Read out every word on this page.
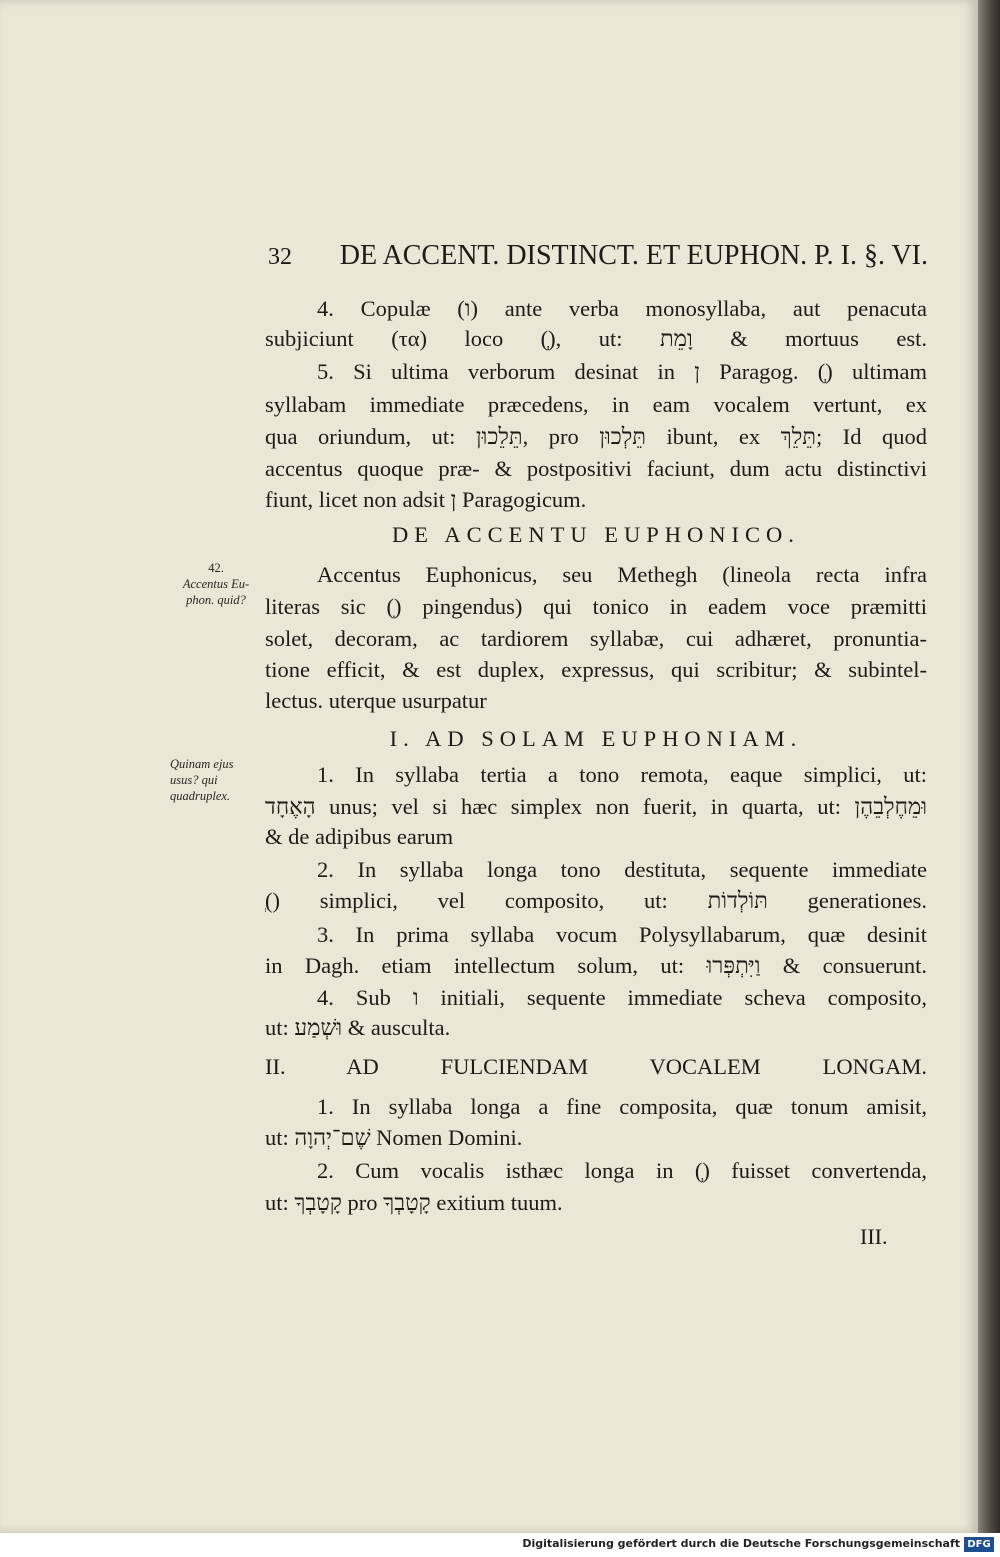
32 DE ACCENT. DISTINCT. ET EUPHON. P. I. §. VI.
4. Copulæ (ו) ante verba monosyllaba, aut penacuta
subjiciunt (τα) loco (ְ), ut: וָמֵת & mortuus est.
5. Si ultima verborum desinat in ן Paragog. (ְ) ultimam
syllabam immediate præcedens, in eam vocalem vertunt, ex
qua oriundum, ut: תֵּלֵכוּן, pro תֵּלְכוּן ibunt, ex תֵּלֵךְ; Id quod
accentus quoque præ- & postpositivi faciunt, dum actu distinctivi
fiunt, licet non adsit ן Paragogicum.
DE ACCENTU EUPHONICO.
Accentus Euphonicus, seu Methegh (lineola recta infra
literas sic (ֽ) pingendus) qui tonico in eadem voce præmitti
solet, decoram, ac tardiorem syllabæ, cui adhæret, pronuntia-
tione efficit, & est duplex, expressus, qui scribitur; & subintel-
lectus. uterque usurpatur
I. AD SOLAM EUPHONIAM.
1. In syllaba tertia a tono remota, eaque simplici, ut:
הָאֶחָד unus; vel si hæc simplex non fuerit, in quarta, ut: וּמֵחֶלְבֵהֶן
& de adipibus earum
2. In syllaba longa tono destituta, sequente immediate
(ְ) simplici, vel composito, ut: תּוֹלְדוֹת generationes.
3. In prima syllaba vocum Polysyllabarum, quæ desinit
in Dagh. etiam intellectum solum, ut: וַיִּתְפְּרוּ & consuerunt.
4. Sub ו initiali, sequente immediate scheva composito,
ut: וּשְׁמַע & ausculta.
II. AD FULCIENDAM VOCALEM LONGAM.
1. In syllaba longa a fine composita, quæ tonum amisit,
ut: שֶׁם־יְהוָה Nomen Domini.
2. Cum vocalis isthæc longa in (ְ) fuisset convertenda,
ut: קָטָבְךָ pro קָטָבְךָ exitium tuum.
III.
42.
Accentus Eu-
phon. quid?
Quinam ejus
usus? qui
quadruplex.
Digitalisierung gefördert durch die Deutsche Forschungsgemeinschaft DFG
